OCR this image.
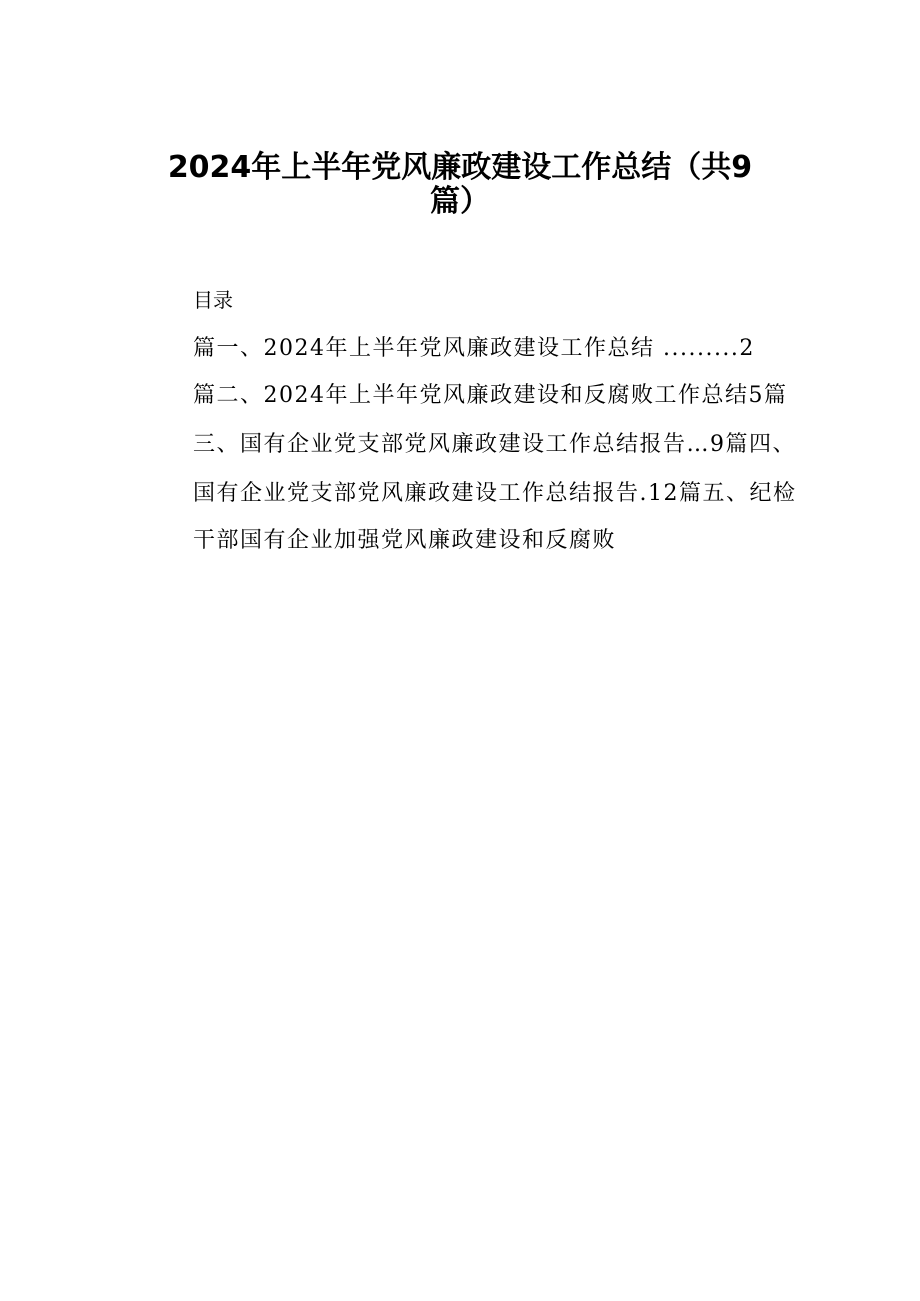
2024年上半年党风廉政建设工作总结（共9
篇）
目录
篇一、2024年上半年党风廉政建设工作总结 .........2
篇二、2024年上半年党风廉政建设和反腐败工作总结5篇
三、国有企业党支部党风廉政建设工作总结报告…9篇四、
国有企业党支部党风廉政建设工作总结报告.12篇五、纪检
干部国有企业加强党风廉政建设和反腐败
